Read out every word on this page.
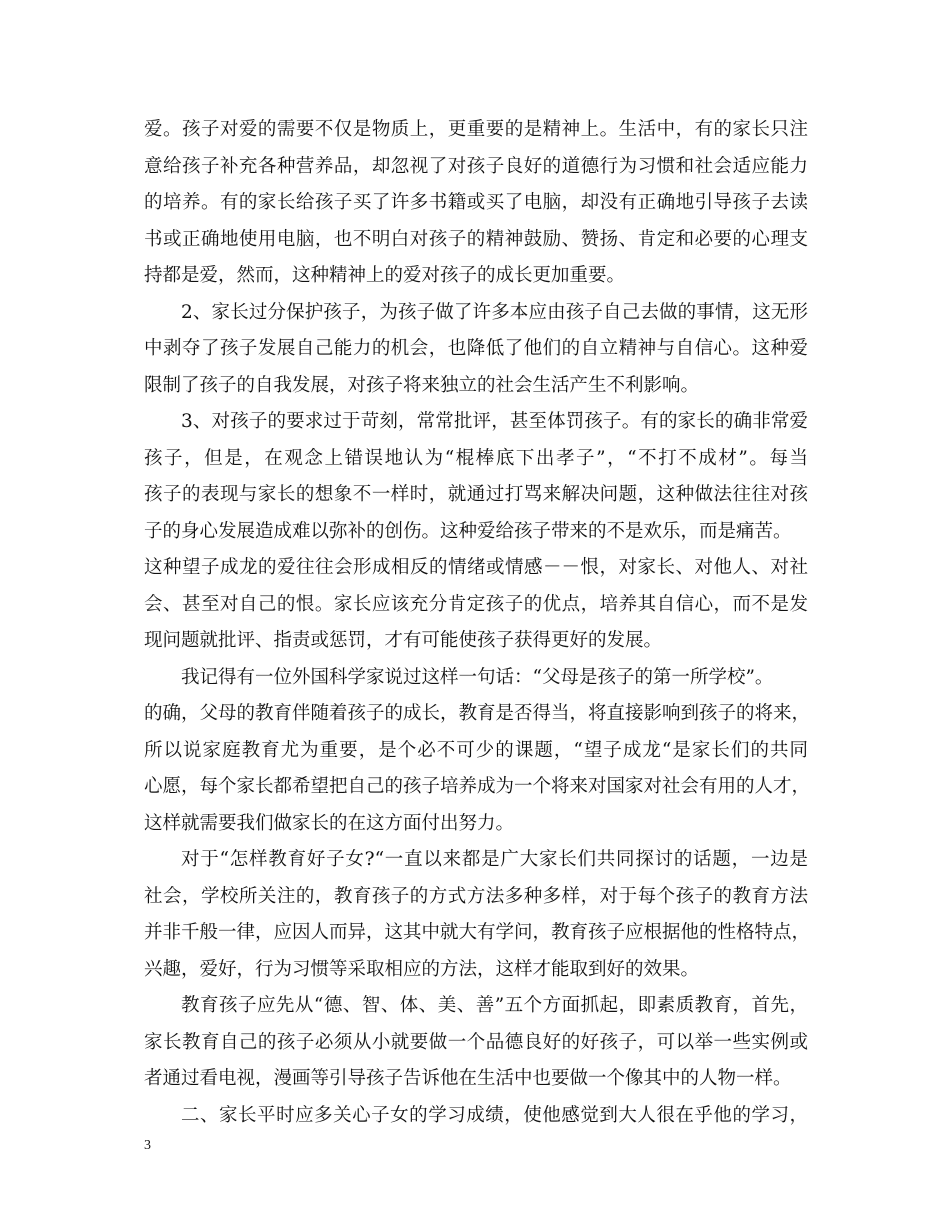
爱。孩子对爱的需要不仅是物质上，更重要的是精神上。生活中，有的家长只注
意给孩子补充各种营养品，却忽视了对孩子良好的道德行为习惯和社会适应能力
的培养。有的家长给孩子买了许多书籍或买了电脑，却没有正确地引导孩子去读
书或正确地使用电脑，也不明白对孩子的精神鼓励、赞扬、肯定和必要的心理支
持都是爱，然而，这种精神上的爱对孩子的成长更加重要。
2、家长过分保护孩子，为孩子做了许多本应由孩子自己去做的事情，这无形
中剥夺了孩子发展自己能力的机会，也降低了他们的自立精神与自信心。这种爱
限制了孩子的自我发展，对孩子将来独立的社会生活产生不利影响。
3、对孩子的要求过于苛刻，常常批评，甚至体罚孩子。有的家长的确非常爱
孩子，但是，在观念上错误地认为“棍棒底下出孝子”，“不打不成材”。每当
孩子的表现与家长的想象不一样时，就通过打骂来解决问题，这种做法往往对孩
子的身心发展造成难以弥补的创伤。这种爱给孩子带来的不是欢乐，而是痛苦。
这种望子成龙的爱往往会形成相反的情绪或情感－－恨，对家长、对他人、对社
会、甚至对自己的恨。家长应该充分肯定孩子的优点，培养其自信心，而不是发
现问题就批评、指责或惩罚，才有可能使孩子获得更好的发展。
我记得有一位外国科学家说过这样一句话：“父母是孩子的第一所学校”。
的确，父母的教育伴随着孩子的成长，教育是否得当，将直接影响到孩子的将来，
所以说家庭教育尤为重要，是个必不可少的课题，“望子成龙“是家长们的共同
心愿，每个家长都希望把自己的孩子培养成为一个将来对国家对社会有用的人才，
这样就需要我们做家长的在这方面付出努力。
对于“怎样教育好子女?“一直以来都是广大家长们共同探讨的话题，一边是
社会，学校所关注的，教育孩子的方式方法多种多样，对于每个孩子的教育方法
并非千般一律，应因人而异，这其中就大有学问，教育孩子应根据他的性格特点，
兴趣，爱好，行为习惯等采取相应的方法，这样才能取到好的效果。
教育孩子应先从“德、智、体、美、善”五个方面抓起，即素质教育，首先，
家长教育自己的孩子必须从小就要做一个品德良好的好孩子，可以举一些实例或
者通过看电视，漫画等引导孩子告诉他在生活中也要做一个像其中的人物一样。
二、家长平时应多关心子女的学习成绩，使他感觉到大人很在乎他的学习，
3
